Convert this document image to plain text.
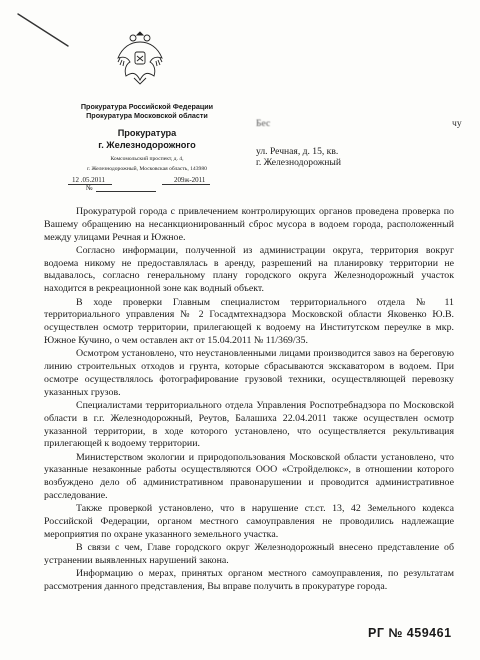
Прокуратура Российской Федерации
Прокуратура Московской области
Прокуратура
г. Железнодорожного
Комсомольский проспект, д. 4,
г. Железнодорожный, Московская область, 143980
12 .05.2011	209ж-2011
№
Бес	чу
ул. Речная, д. 15, кв.
г. Железнодорожный

Прокуратурой города с привлечением контролирующих органов проведена проверка по Вашему обращению на несанкционированный сброс мусора в водоем города, расположенный между улицами Речная и Южное.

Согласно информации, полученной из администрации округа, территория вокруг водоема никому не предоставлялась в аренду, разрешений на планировку территории не выдавалось, согласно генеральному плану городского округа Железнодорожный участок находится в рекреационной зоне как водный объект.

В ходе проверки Главным специалистом территориального отдела № 11 территориального управления № 2 Госадмтехнадзора Московской области Яковенко Ю.В. осуществлен осмотр территории, прилегающей к водоему на Институтском переулке в мкр. Южное Кучино, о чем оставлен акт от 15.04.2011 № 11/369/35.

Осмотром установлено, что неустановленными лицами производится завоз на береговую линию строительных отходов и грунта, которые сбрасываются экскаватором в водоем. При осмотре осуществлялось фотографирование грузовой техники, осуществляющей перевозку указанных грузов.

Специалистами территориального отдела Управления Роспотребнадзора по Московской области в г.г. Железнодорожный, Реутов, Балашиха 22.04.2011 также осуществлен осмотр указанной территории, в ходе которого установлено, что осуществляется рекультивация прилегающей к водоему территории.

Министерством экологии и природопользования Московской области установлено, что указанные незаконные работы осуществляются ООО «Стройделюкс», в отношении которого возбуждено дело об административном правонарушении и проводится административное расследование.

Также проверкой установлено, что в нарушение ст.ст. 13, 42 Земельного кодекса Российской Федерации, органом местного самоуправления не проводились надлежащие мероприятия по охране указанного земельного участка.

В связи с чем, Главе городского округ Железнодорожный внесено представление об устранении выявленных нарушений закона.

Информацию о мерах, принятых органом местного самоуправления, по результатам рассмотрения данного представления, Вы вправе получить в прокуратуре города.

РГ № 459461
